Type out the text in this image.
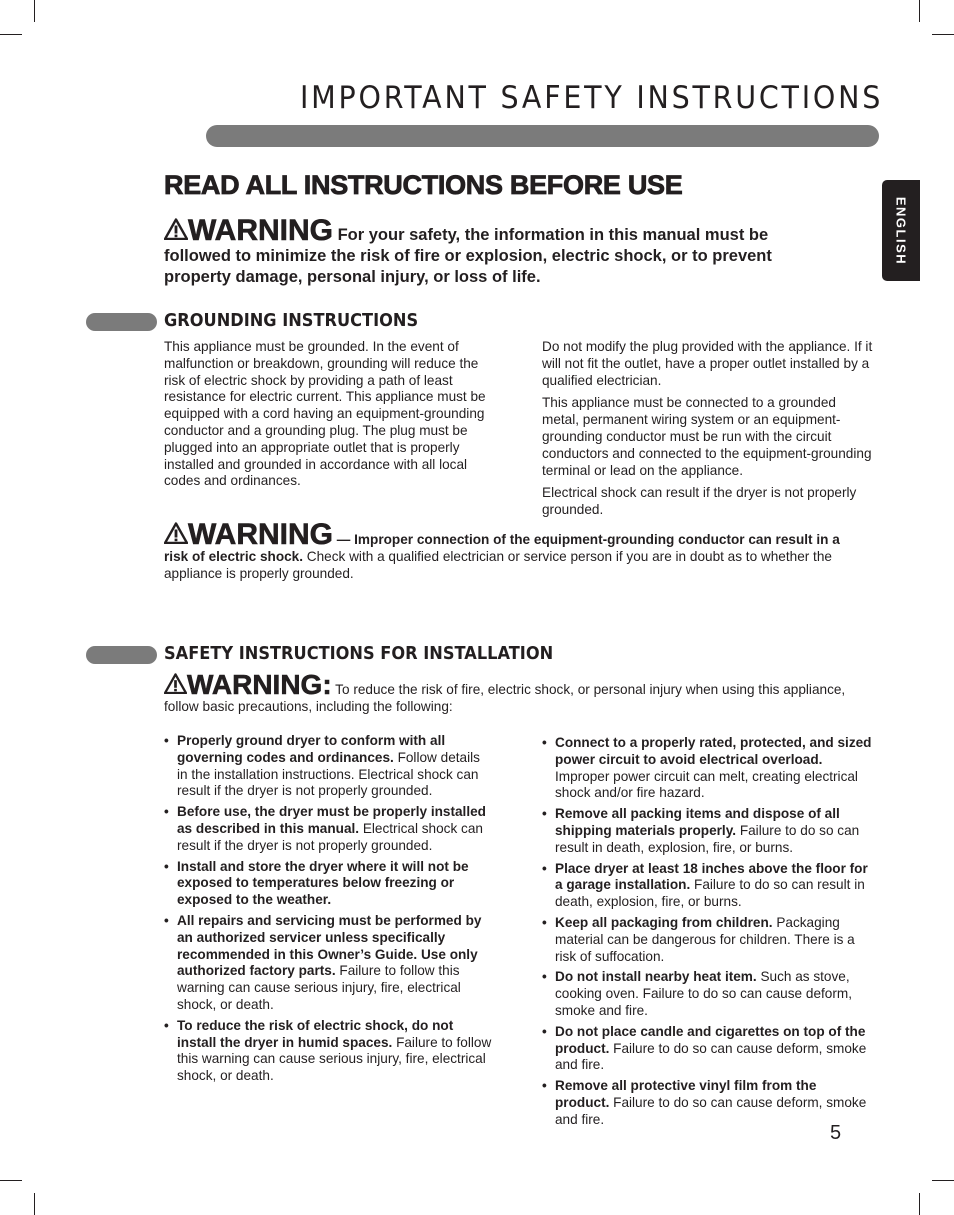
IMPORTANT SAFETY INSTRUCTIONS
ENGLISH
READ ALL INSTRUCTIONS BEFORE USE
WARNING For your safety, the information in this manual must be followed to minimize the risk of fire or explosion, electric shock, or to prevent property damage, personal injury, or loss of life.
GROUNDING INSTRUCTIONS

This appliance must be grounded. In the event of malfunction or breakdown, grounding will reduce the risk of electric shock by providing a path of least resistance for electric current. This appliance must be equipped with a cord having an equipment-grounding conductor and a grounding plug. The plug must be plugged into an appropriate outlet that is properly installed and grounded in accordance with all local codes and ordinances.

Do not modify the plug provided with the appliance. If it will not fit the outlet, have a proper outlet installed by a qualified electrician.

This appliance must be connected to a grounded metal, permanent wiring system or an equipment-grounding conductor must be run with the circuit conductors and connected to the equipment-grounding terminal or lead on the appliance.

Electrical shock can result if the dryer is not properly grounded.

WARNING — Improper connection of the equipment-grounding conductor can result in a risk of electric shock. Check with a qualified electrician or service person if you are in doubt as to whether the appliance is properly grounded.
SAFETY INSTRUCTIONS FOR INSTALLATION
WARNING: To reduce the risk of fire, electric shock, or personal injury when using this appliance, follow basic precautions, including the following:
• Properly ground dryer to conform with all governing codes and ordinances. Follow details in the installation instructions. Electrical shock can result if the dryer is not properly grounded.
• Before use, the dryer must be properly installed as described in this manual. Electrical shock can result if the dryer is not properly grounded.
• Install and store the dryer where it will not be exposed to temperatures below freezing or exposed to the weather.
• All repairs and servicing must be performed by an authorized servicer unless specifically recommended in this Owner’s Guide. Use only authorized factory parts. Failure to follow this warning can cause serious injury, fire, electrical shock, or death.
• To reduce the risk of electric shock, do not install the dryer in humid spaces. Failure to follow this warning can cause serious injury, fire, electrical shock, or death.
• Connect to a properly rated, protected, and sized power circuit to avoid electrical overload. Improper power circuit can melt, creating electrical shock and/or fire hazard.
• Remove all packing items and dispose of all shipping materials properly. Failure to do so can result in death, explosion, fire, or burns.
• Place dryer at least 18 inches above the floor for a garage installation. Failure to do so can result in death, explosion, fire, or burns.
• Keep all packaging from children. Packaging material can be dangerous for children. There is a risk of suffocation.
• Do not install nearby heat item. Such as stove, cooking oven. Failure to do so can cause deform, smoke and fire.
• Do not place candle and cigarettes on top of the product. Failure to do so can cause deform, smoke and fire.
• Remove all protective vinyl film from the product. Failure to do so can cause deform, smoke and fire.
5
